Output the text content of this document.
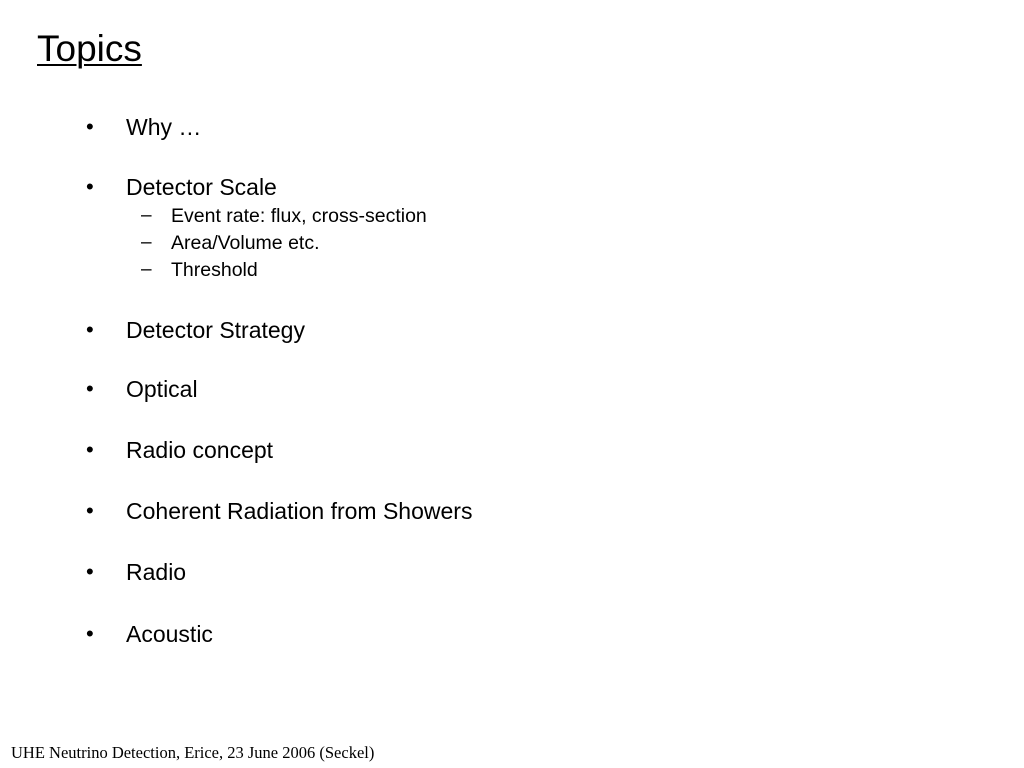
Topics
• Why …
• Detector Scale
– Event rate: flux, cross-section
– Area/Volume etc.
– Threshold
• Detector Strategy
• Optical
• Radio concept
• Coherent Radiation from Showers
• Radio
• Acoustic
UHE Neutrino Detection, Erice, 23 June 2006 (Seckel)
